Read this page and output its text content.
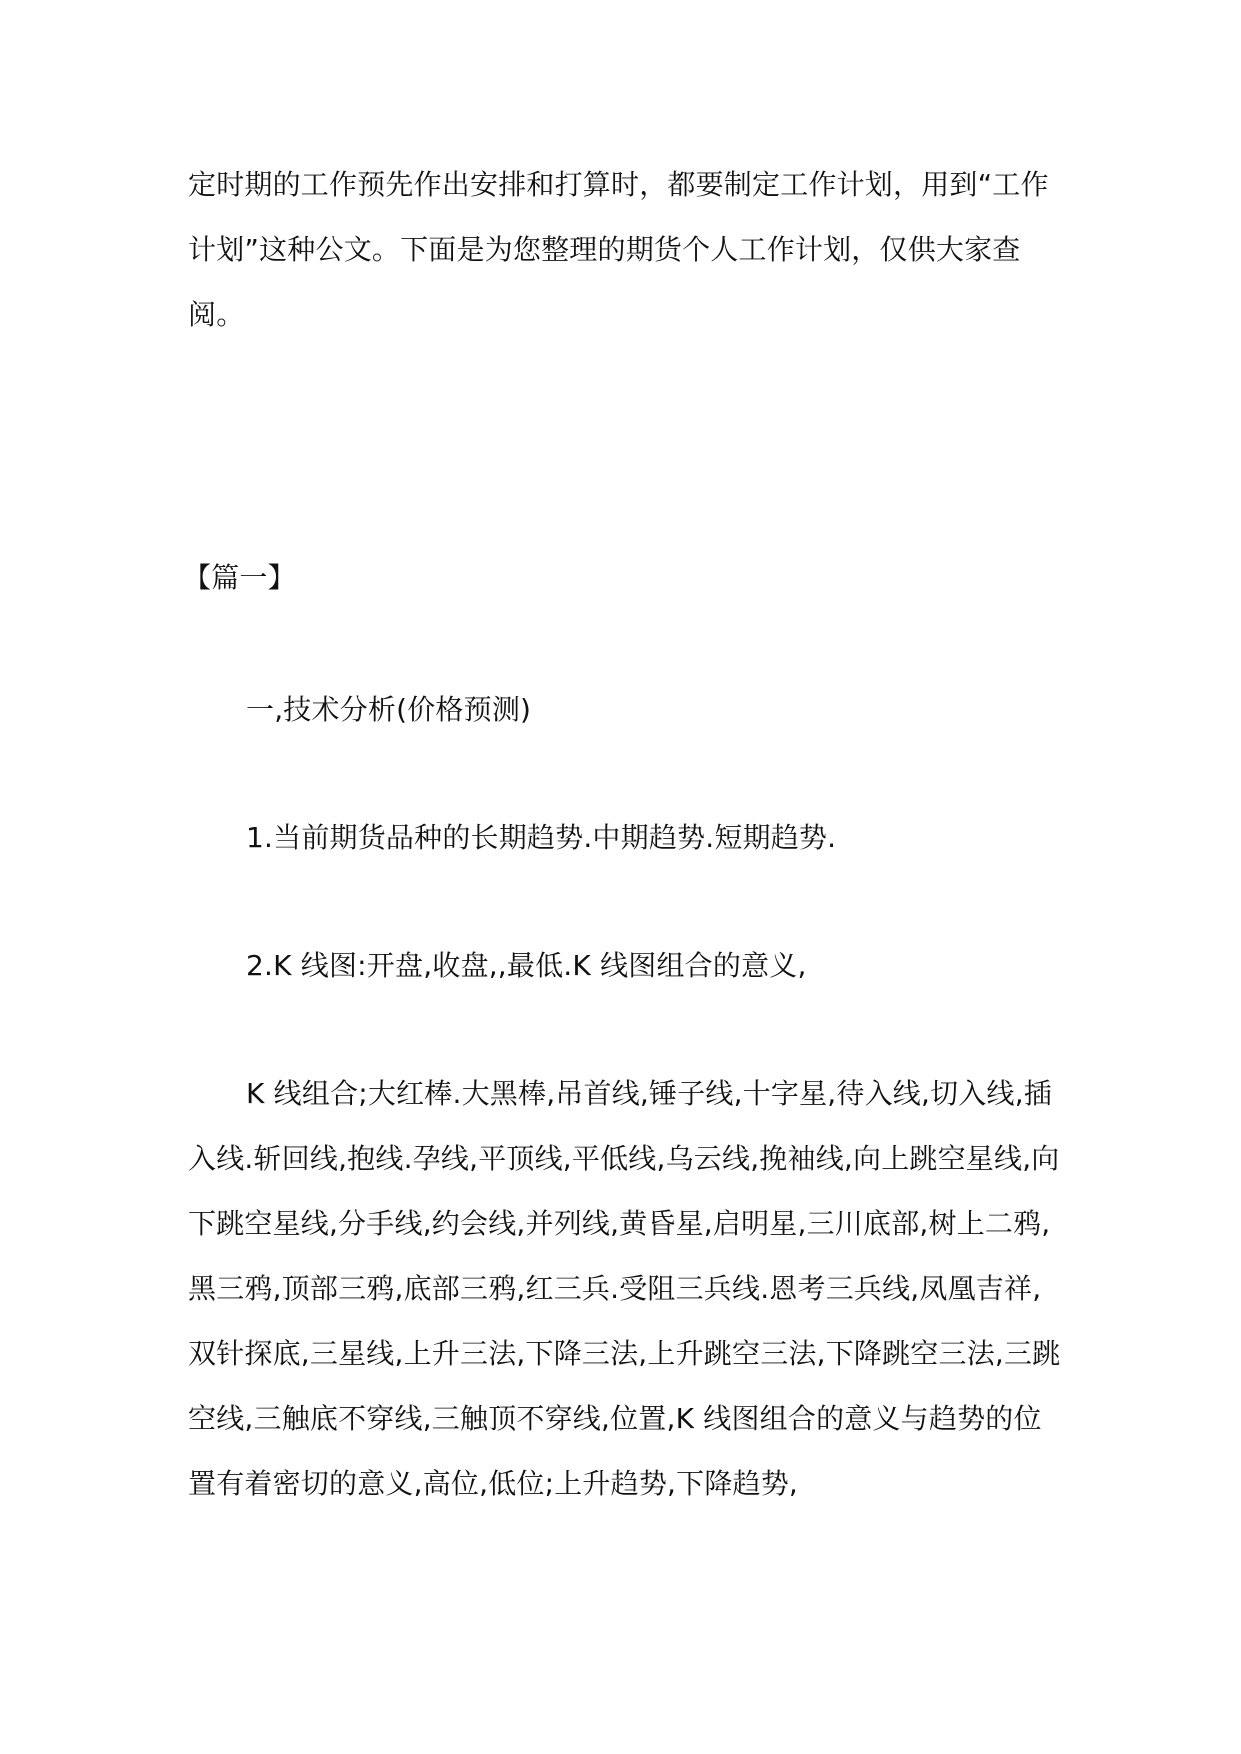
定时期的工作预先作出安排和打算时，都要制定工作计划，用到“工作计划”这种公文。下面是为您整理的期货个人工作计划，仅供大家查阅。

【篇一】

一,技术分析(价格预测)

1.当前期货品种的长期趋势.中期趋势.短期趋势.

2.K 线图:开盘,收盘,,最低.K 线图组合的意义,

K 线组合;大红棒.大黑棒,吊首线,锤子线,十字星,待入线,切入线,插入线.斩回线,抱线.孕线,平顶线,平低线,乌云线,挽袖线,向上跳空星线,向下跳空星线,分手线,约会线,并列线,黄昏星,启明星,三川底部,树上二鸦,黑三鸦,顶部三鸦,底部三鸦,红三兵.受阻三兵线.恩考三兵线,凤凰吉祥,双针探底,三星线,上升三法,下降三法,上升跳空三法,下降跳空三法,三跳空线,三触底不穿线,三触顶不穿线,位置,K 线图组合的意义与趋势的位置有着密切的意义,高位,低位;上升趋势,下降趋势,
